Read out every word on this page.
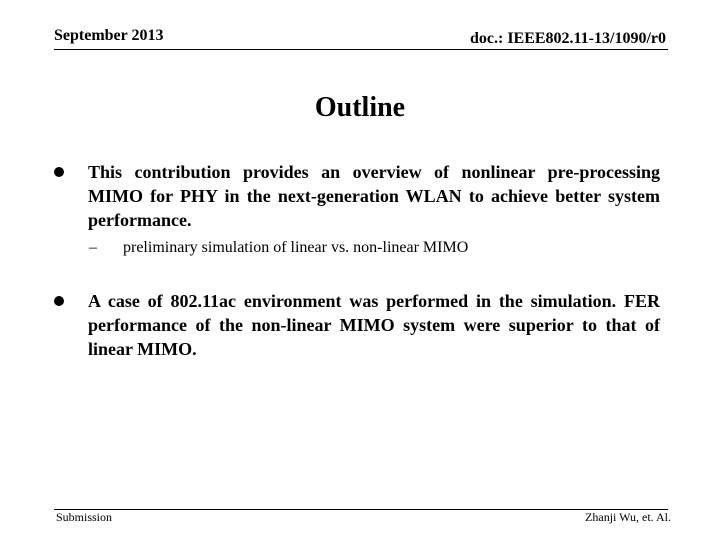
September 2013	doc.: IEEE802.11-13/1090/r0
Outline
This contribution provides an overview of nonlinear pre-processing MIMO for PHY in the next-generation WLAN to achieve better system performance.
– preliminary simulation of linear vs. non-linear MIMO
A case of 802.11ac environment was performed in the simulation. FER performance of the non-linear MIMO system were superior to that of linear MIMO.
Submission	Zhanji Wu, et. Al.
